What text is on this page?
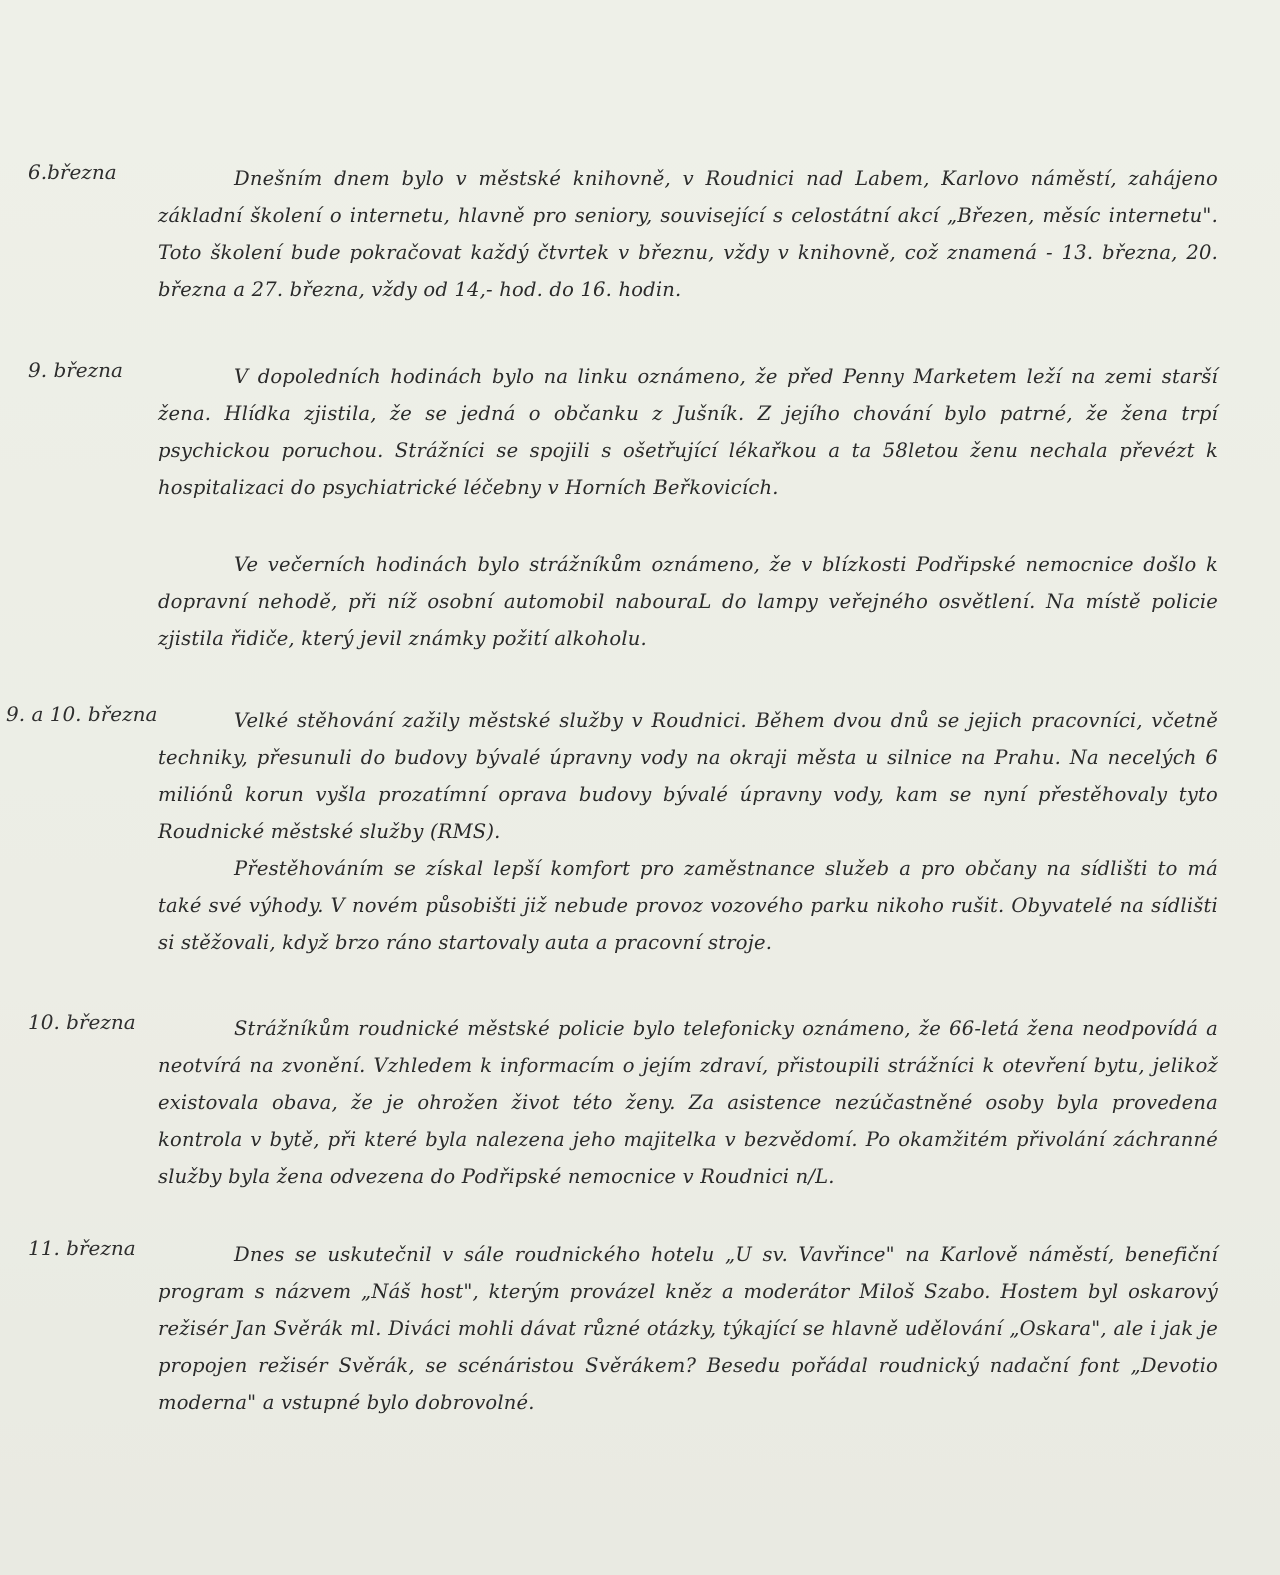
6.března	Dnešním dnem bylo v městské knihovně, v Roudnici nad Labem, Karlovo náměstí, zahájeno základní školení o internetu, hlavně pro seniory, související s celostátní akcí „Březen, měsíc internetu". Toto školení bude pokračovat každý čtvrtek v březnu, vždy v knihovně, což znamená - 13. března, 20. března a 27. března, vždy od 14,- hod. do 16. hodin.

9. března	V dopoledních hodinách bylo na linku oznámeno, že před Penny Marketem leží na zemi starší žena. Hlídka zjistila, že se jedná o občanku z Jušník. Z jejího chování bylo patrné, že žena trpí psychickou poruchou. Strážníci se spojili s ošetřující lékařkou a ta 58letou ženu nechala převézt k hospitalizaci do psychiatrické léčebny v Horních Beřkovicích.

Ve večerních hodinách bylo strážníkům oznámeno, že v blízkosti Podřipské nemocnice došlo k dopravní nehodě, při níž osobní automobil nabouraL do lampy veřejného osvětlení. Na místě policie zjistila řidiče, který jevil známky požití alkoholu.

9. a 10. března	Velké stěhování zažily městské služby v Roudnici. Během dvou dnů se jejich pracovníci, včetně techniky, přesunuli do budovy bývalé úpravny vody na okraji města u silnice na Prahu. Na necelých 6 miliónů korun vyšla prozatímní oprava budovy bývalé úpravny vody, kam se nyní přestěhovaly tyto Roudnické městské služby (RMS).

Přestěhováním se získal lepší komfort pro zaměstnance služeb a pro občany na sídlišti to má také své výhody. V novém působišti již nebude provoz vozového parku nikoho rušit. Obyvatelé na sídlišti si stěžovali, když brzo ráno startovaly auta a pracovní stroje.

10. března	Strážníkům roudnické městské policie bylo telefonicky oznámeno, že 66-letá žena neodpovídá a neotvírá na zvonění. Vzhledem k informacím o jejím zdraví, přistoupili strážníci k otevření bytu, jelikož existovala obava, že je ohrožen život této ženy. Za asistence nezúčastněné osoby byla provedena kontrola v bytě, při které byla nalezena jeho majitelka v bezvědomí. Po okamžitém přivolání záchranné služby byla žena odvezena do Podřipské nemocnice v Roudnici n/L.

11. března	Dnes se uskutečnil v sále roudnického hotelu „U sv. Vavřince" na Karlově náměstí, benefiční program s názvem „Náš host", kterým provázel kněz a moderátor Miloš Szabo. Hostem byl oskarový režisér Jan Svěrák ml. Diváci mohli dávat různé otázky, týkající se hlavně udělování „Oskara", ale i jak je propojen režisér Svěrák, se scénáristou Svěrákem? Besedu pořádal roudnický nadační font „Devotio moderna" a vstupné bylo dobrovolné.
